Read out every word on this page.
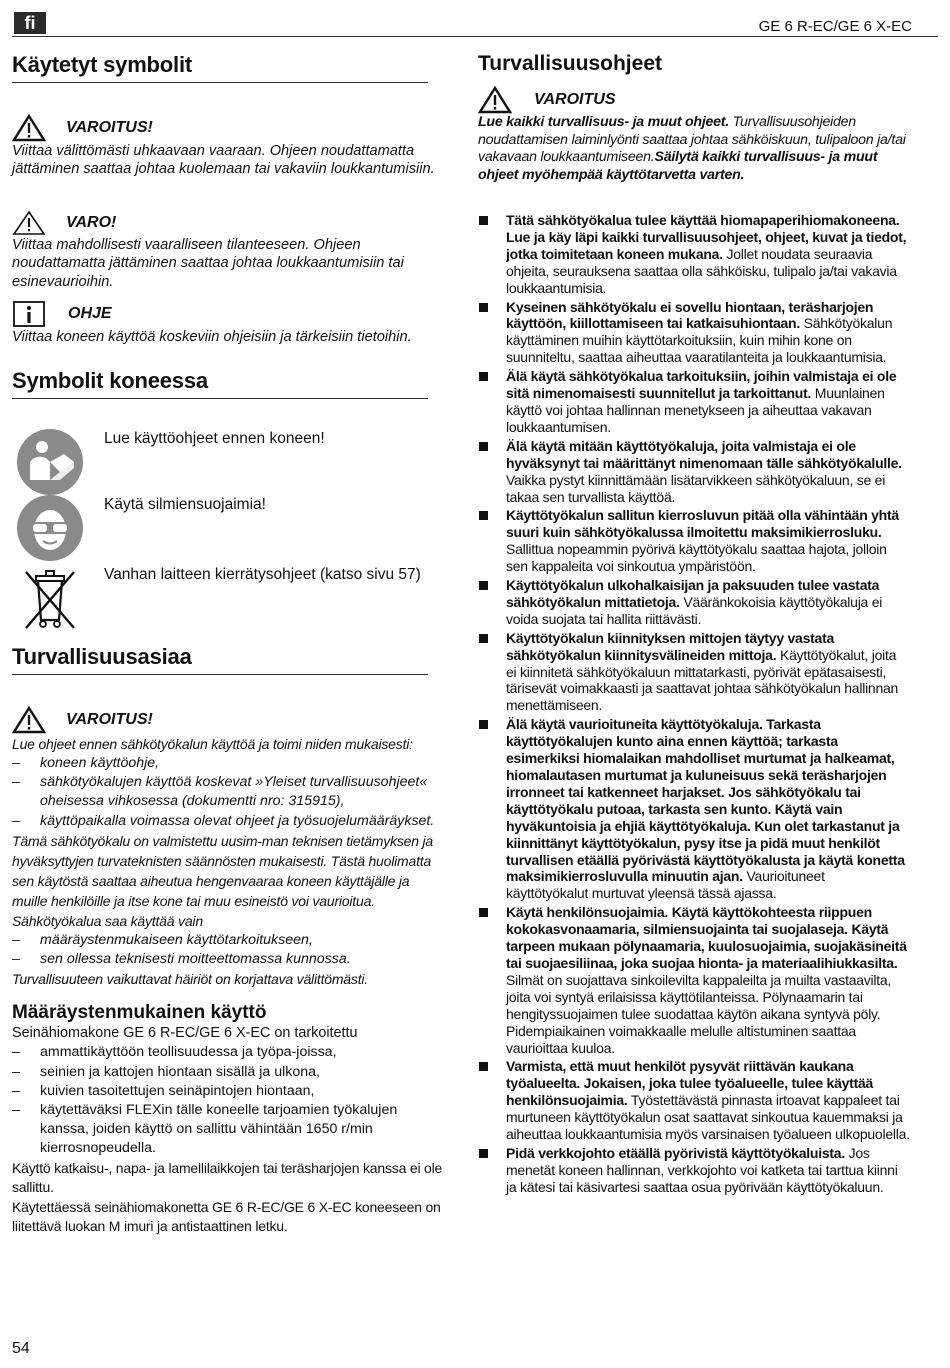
fi	GE 6 R-EC/GE 6 X-EC
Käytetyt symbolit
VAROITUS!

Viittaa välittömästi uhkaavaan vaaraan. Ohjeen noudattamatta jättäminen saattaa johtaa kuolemaan tai vakaviin loukkantumisiin.

VARO!

Viittaa mahdollisesti vaaralliseen tilanteeseen. Ohjeen noudattamatta jättäminen saattaa johtaa loukkaantumisiin tai esinevaurioihin.

OHJE

Viittaa koneen käyttöä koskeviin ohjeisiin ja tärkeisiin tietoihin.

Symbolit koneessa
Lue käyttöohjeet ennen koneen!
Käytä silmiensuojaimia!
Vanhan laitteen kierrätysohjeet (katso sivu 57)
Turvallisuusasiaa
VAROITUS!

Lue ohjeet ennen sähkötyökalun käyttöä ja toimi niiden mukaisesti:

– koneen käyttöohje,
– sähkötyökalujen käyttöä koskevat »Yleiset turvallisuusohjeet« oheisessa vihkosessa (dokumentti nro: 315915),
– käyttöpaikalla voimassa olevat ohjeet ja työsuojelumääräykset.

Tämä sähkötyökalu on valmistettu uusim-man teknisen tietämyksen ja hyväksyttyjen turvateknisten säännösten mukaisesti. Tästä huolimatta sen käytöstä saattaa aiheutua hengenvaaraa koneen käyttäjälle ja muille henkilöille ja itse kone tai muu esineistö voi vaurioitua. Sähkötyökalua saa käyttää vain

– määräystenmukaiseen käyttötarkoitukseen,
– sen ollessa teknisesti moitteettomassa kunnossa.

Turvallisuuteen vaikuttavat häiriöt on korjattava välittömästi.

Määräystenmukainen käyttö

Seinähiomakone GE 6 R-EC/GE 6 X-EC on tarkoitettu

– ammattikäyttöön teollisuudessa ja työpa-joissa,
– seinien ja kattojen hiontaan sisällä ja ulkona,
– kuivien tasoitettujen seinäpintojen hiontaan,
– käytettäväksi FLEXin tälle koneelle tarjoamien työkalujen kanssa, joiden käyttö on sallittu vähintään 1650 r/min kierrosnopeudella.

Käyttö katkaisu-, napa- ja lamellilaikkojen tai teräsharjojen kanssa ei ole sallittu.

Käytettäessä seinähiomakonetta GE 6 R-EC/GE 6 X-EC koneeseen on liitettävä luokan M imuri ja antistaattinen letku.

Turvallisuusohjeet
VAROITUS

Lue kaikki turvallisuus- ja muut ohjeet. Turvallisuusohjeiden noudattamisen laiminlyönti saattaa johtaa sähköiskuun, tulipaloon ja/tai vakavaan loukkaantumiseen.Säilytä kaikki turvallisuus- ja muut ohjeet myöhempää käyttötarvetta varten.

Tätä sähkötyökalua tulee käyttää hiomapaperihiomakoneena. Lue ja käy läpi kaikki turvallisuusohjeet, ohjeet, kuvat ja tiedot, jotka toimitetaan koneen mukana. Jollet noudata seuraavia ohjeita, seurauksena saattaa olla sähköisku, tulipalo ja/tai vakavia loukkaantumisia.
Kyseinen sähkötyökalu ei sovellu hiontaan, teräsharjojen käyttöön, kiillottamiseen tai katkaisuhiontaan. Sähkötyökalun käyttäminen muihin käyttötarkoituksiin, kuin mihin kone on suunniteltu, saattaa aiheuttaa vaaratilanteita ja loukkaantumisia.
Älä käytä sähkötyökalua tarkoituksiin, joihin valmistaja ei ole sitä nimenomaisesti suunnitellut ja tarkoittanut. Muunlainen käyttö voi johtaa hallinnan menetykseen ja aiheuttaa vakavan loukkaantumisen.
Älä käytä mitään käyttötyökaluja, joita valmistaja ei ole hyväksynyt tai määrittänyt nimenomaan tälle sähkötyökalulle. Vaikka pystyt kiinnittämään lisätarvikkeen sähkötyökaluun, se ei takaa sen turvallista käyttöä.
Käyttötyökalun sallitun kierrosluvun pitää olla vähintään yhtä suuri kuin sähkötyökalussa ilmoitettu maksimikierrosluku. Sallittua nopeammin pyörivä käyttötyökalu saattaa hajota, jolloin sen kappaleita voi sinkoutua ympäristöön.
Käyttötyökalun ulkohalkaisijan ja paksuuden tulee vastata sähkötyökalun mittatietoja. Vääränkokoisia käyttötyökaluja ei voida suojata tai hallita riittävästi.
Käyttötyökalun kiinnityksen mittojen täytyy vastata sähkötyökalun kiinnitysvälineiden mittoja. Käyttötyökalut, joita ei kiinnitetä sähkötyökaluun mittatarkasti, pyörivät epätasaisesti, tärisevät voimakkaasti ja saattavat johtaa sähkötyökalun hallinnan menettämiseen.
Älä käytä vaurioituneita käyttötyökaluja. Tarkasta käyttötyökalujen kunto aina ennen käyttöä; tarkasta esimerkiksi hiomalaikan mahdolliset murtumat ja halkeamat, hiomalautasen murtumat ja kuluneisuus sekä teräsharjojen irronneet tai katkenneet harjakset. Jos sähkötyökalu tai käyttötyökalu putoaa, tarkasta sen kunto. Käytä vain hyväkuntoisia ja ehjiä käyttötyökaluja. Kun olet tarkastanut ja kiinnittänyt käyttötyökalun, pysy itse ja pidä muut henkilöt turvallisen etäällä pyörivästä käyttötyökalusta ja käytä konetta maksimikierrosluvulla minuutin ajan. Vaurioituneet käyttötyökalut murtuvat yleensä tässä ajassa.
Käytä henkilönsuojaimia. Käytä käyttökohteesta riippuen kokokasvonaamaria, silmiensuojainta tai suojalaseja. Käytä tarpeen mukaan pölynaamaria, kuulosuojaimia, suojakäsineitä tai suojaesiliinaa, joka suojaa hionta- ja materiaalihiukkasilta. Silmät on suojattava sinkoilevilta kappaleilta ja muilta vastaavilta, joita voi syntyä erilaisissa käyttötilanteissa. Pölynaamarin tai hengityssuojaimen tulee suodattaa käytön aikana syntyvä pöly. Pidempiaikainen voimakkaalle melulle altistuminen saattaa vaurioittaa kuuloa.
Varmista, että muut henkilöt pysyvät riittävän kaukana työalueelta. Jokaisen, joka tulee työalueelle, tulee käyttää henkilönsuojaimia. Työstettävästä pinnasta irtoavat kappaleet tai murtuneen käyttötyökalun osat saattavat sinkoutua kauemmaksi ja aiheuttaa loukkaantumisia myös varsinaisen työalueen ulkopuolella.
Pidä verkkojohto etäällä pyörivistä käyttötyökaluista. Jos menetät koneen hallinnan, verkkojohto voi katketa tai tarttua kiinni ja kätesi tai käsivartesi saattaa osua pyörivään käyttötyökaluun.
54
